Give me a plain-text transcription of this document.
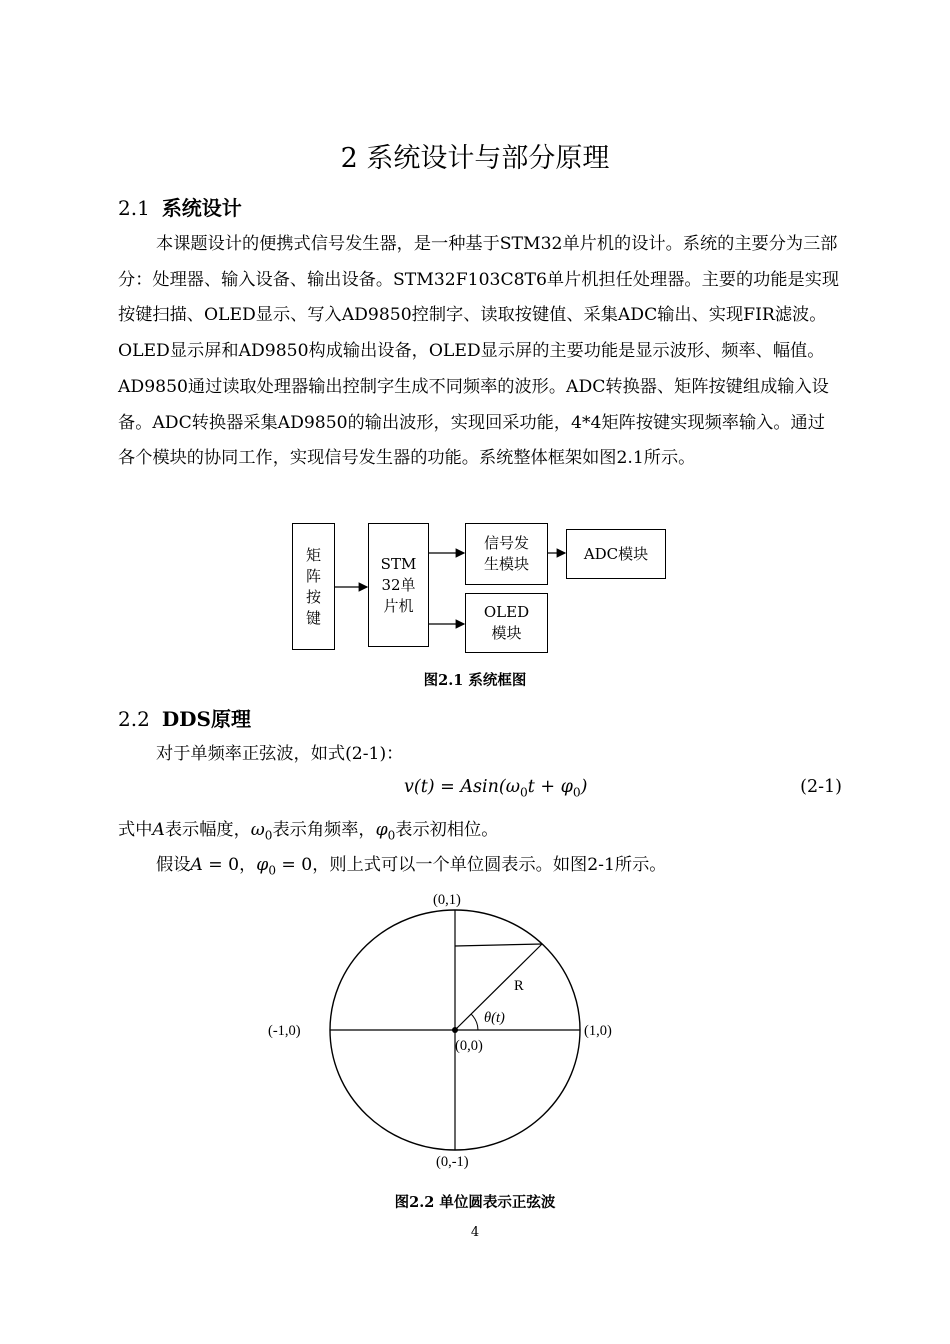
2 系统设计与部分原理
2.1 系统设计

本课题设计的便携式信号发生器，是一种基于STM32单片机的设计。系统的主要分为三部分：处理器、输入设备、输出设备。STM32F103C8T6单片机担任处理器。主要的功能是实现按键扫描、OLED显示、写入AD9850控制字、读取按键值、采集ADC输出、实现FIR滤波。OLED显示屏和AD9850构成输出设备，OLED显示屏的主要功能是显示波形、频率、幅值。AD9850通过读取处理器输出控制字生成不同频率的波形。ADC转换器、矩阵按键组成输入设备。ADC转换器采集AD9850的输出波形，实现回采功能，4*4矩阵按键实现频率输入。通过各个模块的协同工作，实现信号发生器的功能。系统整体框架如图2.1所示。

矩
阵
按
键
STM
32单
片机
信号发
生模块
ADC模块
OLED
模块
图2.1 系统框图
2.2 DDS原理

对于单频率正弦波，如式(2-1)：

$v(t) = Asin(\omega_0t + \varphi_0)$	(2-1)
式中A表示幅度，$\omega_0$表示角频率，$\varphi_0$表示初相位。
假设A = 0，$\varphi_0 = 0$，则上式可以一个单位圆表示。如图2-1所示。
(0,1)
(0,-1)
(-1,0)	(1,0)
(0,0)
R
θ(t)
图2.2 单位圆表示正弦波
4
